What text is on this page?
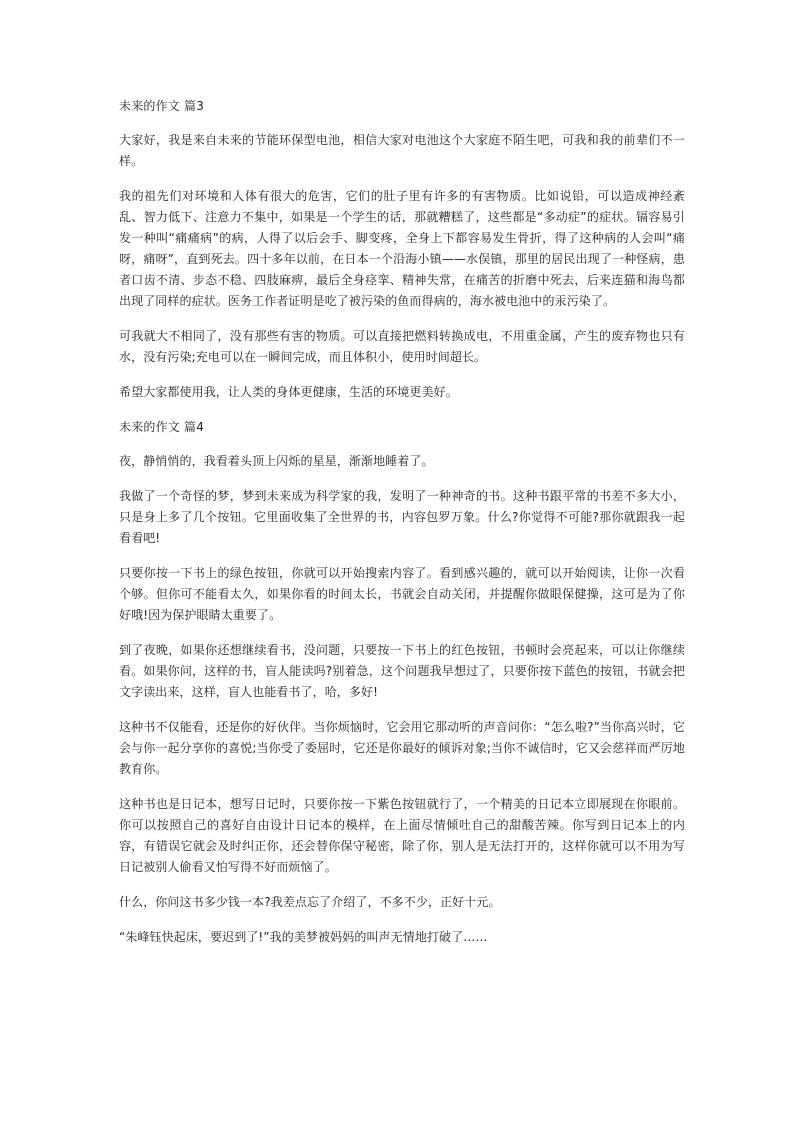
未来的作文 篇3

大家好，我是来自未来的节能环保型电池，相信大家对电池这个大家庭不陌生吧，可我和我的前辈们不一样。

我的祖先们对环境和人体有很大的危害，它们的肚子里有许多的有害物质。比如说铅，可以造成神经紊乱、智力低下、注意力不集中，如果是一个学生的话，那就糟糕了，这些都是“多动症”的症状。镉容易引发一种叫“痛痛病”的病，人得了以后会手、脚变疼，全身上下都容易发生骨折，得了这种病的人会叫“痛呀，痛呀”，直到死去。四十多年以前，在日本一个沿海小镇——水俣镇，那里的居民出现了一种怪病，患者口齿不清、步态不稳、四肢麻痹，最后全身痉挛、精神失常，在痛苦的折磨中死去，后来连猫和海鸟都出现了同样的症状。医务工作者证明是吃了被污染的鱼而得病的，海水被电池中的汞污染了。

可我就大不相同了，没有那些有害的物质。可以直接把燃料转换成电，不用重金属，产生的废弃物也只有水，没有污染;充电可以在一瞬间完成，而且体积小，使用时间超长。

希望大家都使用我，让人类的身体更健康，生活的环境更美好。

未来的作文 篇4

夜，静悄悄的，我看着头顶上闪烁的星星，渐渐地睡着了。

我做了一个奇怪的梦，梦到未来成为科学家的我，发明了一种神奇的书。这种书跟平常的书差不多大小，只是身上多了几个按钮。它里面收集了全世界的书，内容包罗万象。什么?你觉得不可能?那你就跟我一起看看吧!

只要你按一下书上的绿色按钮，你就可以开始搜索内容了。看到感兴趣的，就可以开始阅读，让你一次看个够。但你可不能看太久，如果你看的时间太长，书就会自动关闭，并提醒你做眼保健操，这可是为了你好哦!因为保护眼睛太重要了。

到了夜晚，如果你还想继续看书，没问题，只要按一下书上的红色按钮，书顿时会亮起来，可以让你继续看。如果你问，这样的书，盲人能读吗?别着急，这个问题我早想过了，只要你按下蓝色的按钮，书就会把文字读出来，这样，盲人也能看书了，哈，多好!

这种书不仅能看，还是你的好伙伴。当你烦恼时，它会用它那动听的声音问你：“怎么啦?”当你高兴时，它会与你一起分享你的喜悦;当你受了委屈时，它还是你最好的倾诉对象;当你不诚信时，它又会慈祥而严厉地教育你。

这种书也是日记本，想写日记时，只要你按一下紫色按钮就行了，一个精美的日记本立即展现在你眼前。你可以按照自己的喜好自由设计日记本的模样，在上面尽情倾吐自己的甜酸苦辣。你写到日记本上的内容，有错误它就会及时纠正你，还会替你保守秘密，除了你，别人是无法打开的，这样你就可以不用为写日记被别人偷看又怕写得不好而烦恼了。

什么，你问这书多少钱一本?我差点忘了介绍了，不多不少，正好十元。

“朱峰钰快起床，要迟到了!”我的美梦被妈妈的叫声无情地打破了……
